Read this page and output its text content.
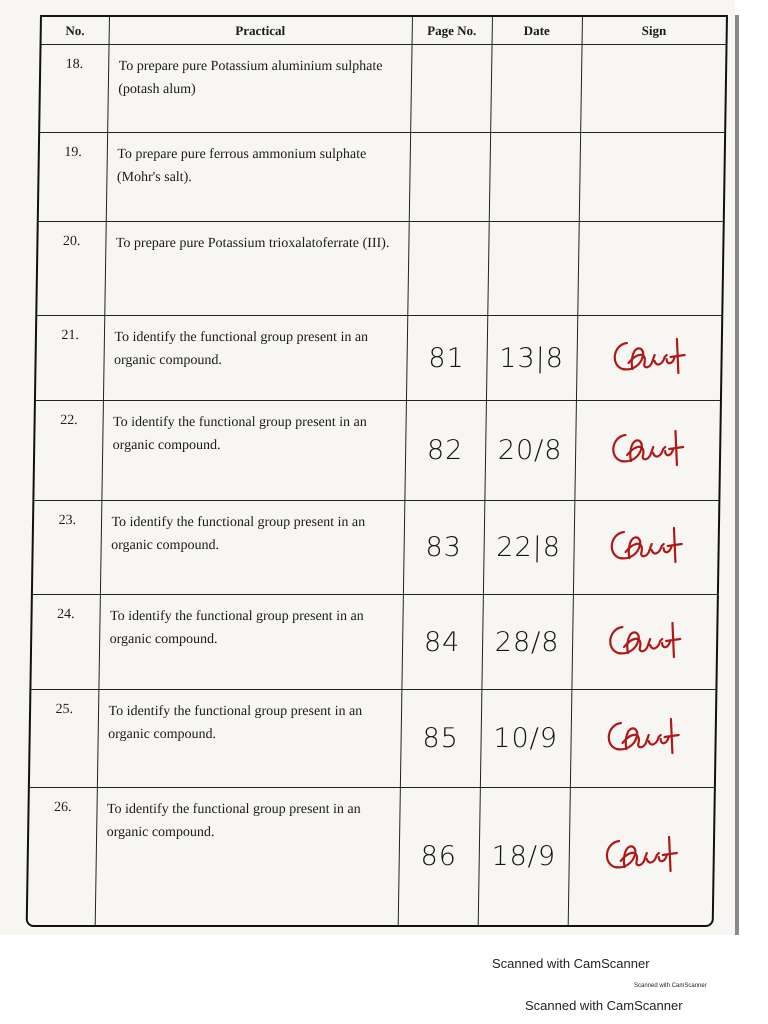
No.	Practical	Page No.	Date	Sign
18.	To prepare pure Potassium aluminium sulphate (potash alum)			
19.	To prepare pure ferrous ammonium sulphate (Mohr's salt).			
20.	To prepare pure Potassium trioxalatoferrate (III).			
21.	To identify the functional group present in an organic compound.	81	13|8	
22.	To identify the functional group present in an organic compound.	82	20/8	
23.	To identify the functional group present in an organic compound.	83	22|8	
24.	To identify the functional group present in an organic compound.	84	28/8	
25.	To identify the functional group present in an organic compound.	85	10/9	
26.	To identify the functional group present in an organic compound.	86	18/9	
Scanned with CamScanner
Scanned with CamScanner
Scanned with CamScanner
